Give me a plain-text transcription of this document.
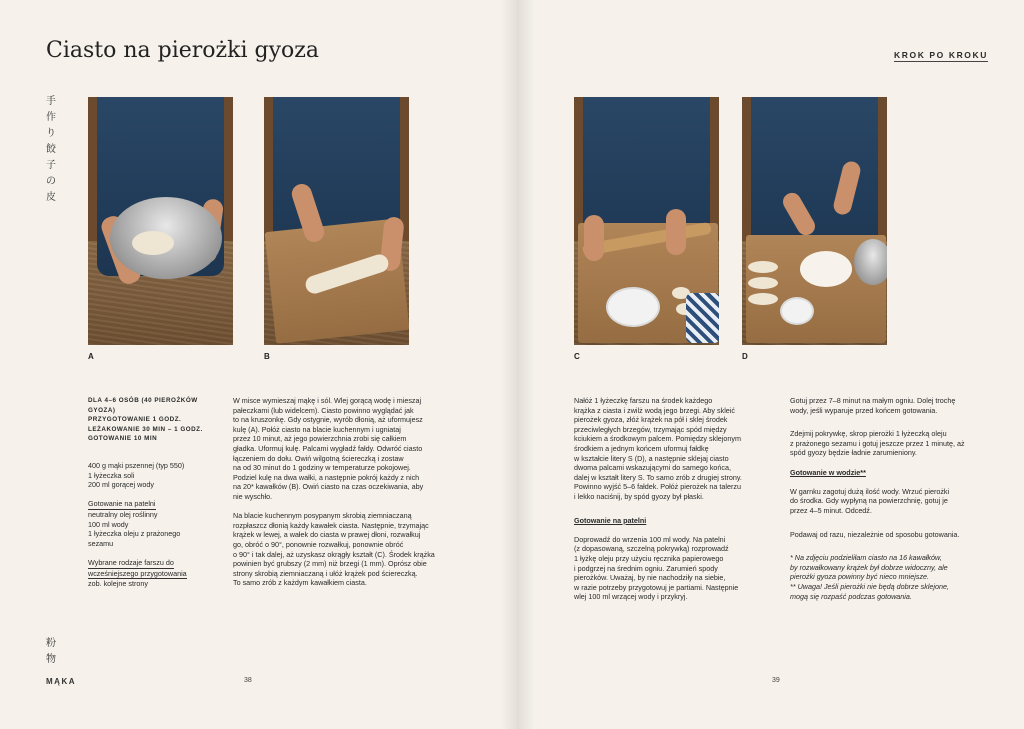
Ciasto na pierożki gyoza	KROK PO KROKU
手
作
り
餃
子
の
皮
粉
物
MĄKA	38	39
A	B	C	D

DLA 4–6 OSÓB (40 PIEROŻKÓW
GYOZA)
PRZYGOTOWANIE 1 GODZ.
LEŻAKOWANIE 30 MIN – 1 GODZ.
GOTOWANIE 10 MIN

400 g mąki pszennej (typ 550)
1 łyżeczka soli
200 ml gorącej wody

Gotowanie na patelni
neutralny olej roślinny
100 ml wody
1 łyżeczka oleju z prażonego
sezamu

Wybrane rodzaje farszu do
wcześniejszego przygotowania
zob. kolejne strony

W misce wymieszaj mąkę i sól. Wlej gorącą wodę i mieszaj
pałeczkami (lub widelcem). Ciasto powinno wyglądać jak
to na kruszonkę. Gdy ostygnie, wyrób dłonią, aż uformujesz
kulę (A). Połóż ciasto na blacie kuchennym i ugniataj
przez 10 minut, aż jego powierzchnia zrobi się całkiem
gładka. Uformuj kulę. Palcami wygładź fałdy. Odwróć ciasto
łączeniem do dołu. Owiń wilgotną ściereczką i zostaw
na od 30 minut do 1 godziny w temperaturze pokojowej.
Podziel kulę na dwa wałki, a następnie pokrój każdy z nich
na 20* kawałków (B). Owiń ciasto na czas oczekiwania, aby
nie wyschło.

Na blacie kuchennym posypanym skrobią ziemniaczaną
rozpłaszcz dłonią każdy kawałek ciasta. Następnie, trzymając
krążek w lewej, a wałek do ciasta w prawej dłoni, rozwałkuj
go, obróć o 90°, ponownie rozwałkuj, ponownie obróć
o 90° i tak dalej, aż uzyskasz okrągły kształt (C). Środek krążka
powinien być grubszy (2 mm) niż brzegi (1 mm). Oprósz obie
strony skrobią ziemniaczaną i ułóż krążek pod ściereczką.
To samo zrób z każdym kawałkiem ciasta.

Nałóż 1 łyżeczkę farszu na środek każdego
krążka z ciasta i zwilż wodą jego brzegi. Aby skleić
pierożek gyoza, złóż krążek na pół i sklej środek
przeciwległych brzegów, trzymając spód między
kciukiem a środkowym palcem. Pomiędzy sklejonym
środkiem a jednym końcem uformuj fałdkę
w kształcie litery S (D), a następnie sklejaj ciasto
dwoma palcami wskazującymi do samego końca,
dalej w kształt litery S. To samo zrób z drugiej strony.
Powinno wyjść 5–6 fałdek. Połóż pierożek na talerzu
i lekko naciśnij, by spód gyozy był płaski.

Gotowanie na patelni

Doprowadź do wrzenia 100 ml wody. Na patelni
(z dopasowaną, szczelną pokrywką) rozprowadź
1 łyżkę oleju przy użyciu ręcznika papierowego
i podgrzej na średnim ogniu. Zarumień spody
pierożków. Uważaj, by nie nachodziły na siebie,
w razie potrzeby przygotowuj je partiami. Następnie
wlej 100 ml wrzącej wody i przykryj.

Gotuj przez 7–8 minut na małym ogniu. Dolej trochę
wody, jeśli wyparuje przed końcem gotowania.

Zdejmij pokrywkę, skrop pierożki 1 łyżeczką oleju
z prażonego sezamu i gotuj jeszcze przez 1 minutę, aż
spód gyozy będzie ładnie zarumieniony.

Gotowanie w wodzie**

W garnku zagotuj dużą ilość wody. Wrzuć pierożki
do środka. Gdy wypłyną na powierzchnię, gotuj je
przez 4–5 minut. Odcedź.

Podawaj od razu, niezależnie od sposobu gotowania.

* Na zdjęciu podzieliłam ciasto na 16 kawałków,
by rozwałkowany krążek był dobrze widoczny, ale
pierożki gyoza powinny być nieco mniejsze.
** Uwaga! Jeśli pierożki nie będą dobrze sklejone,
mogą się rozpaść podczas gotowania.
